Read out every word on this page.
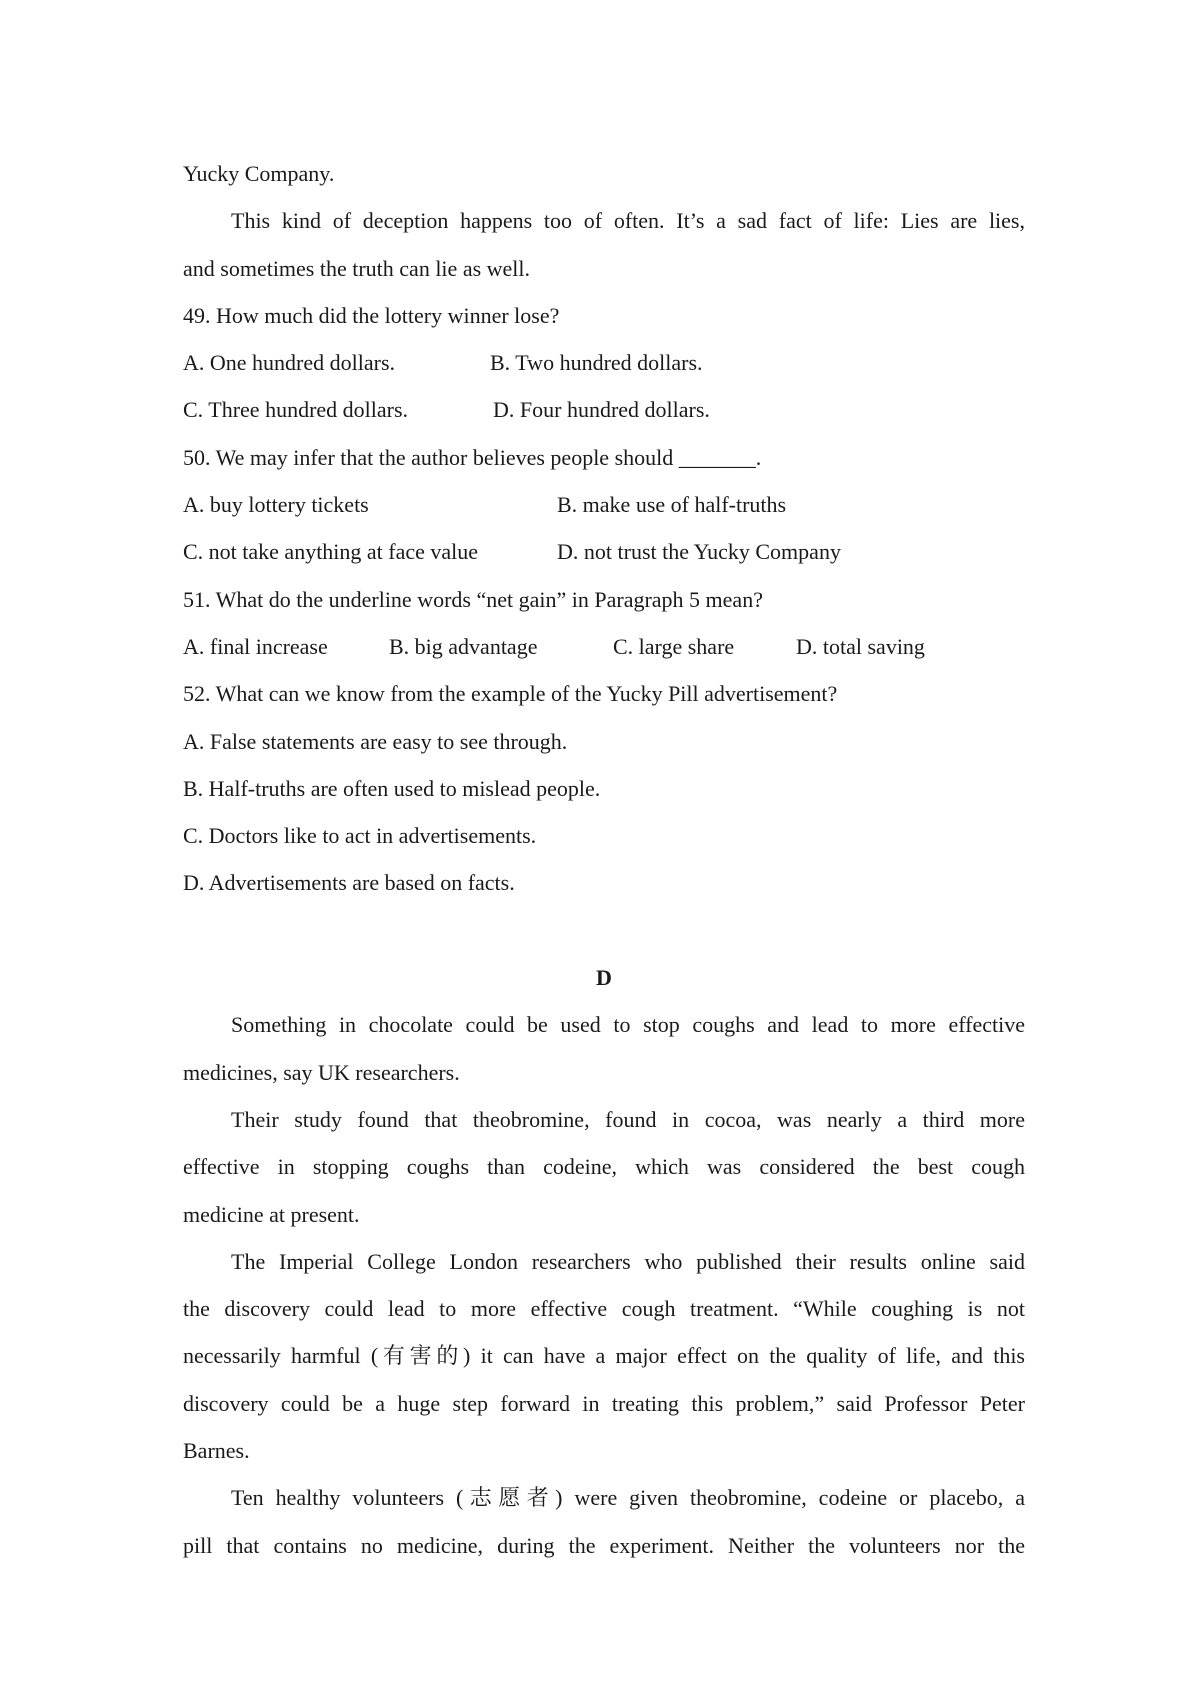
Yucky Company.
This kind of deception happens too of often. It’s a sad fact of life: Lies are lies,
and sometimes the truth can lie as well.
49. How much did the lottery winner lose?
A. One hundred dollars.	B. Two hundred dollars.
C. Three hundred dollars.	D. Four hundred dollars.
50. We may infer that the author believes people should _______.
A. buy lottery tickets	B. make use of half-truths
C. not take anything at face value	D. not trust the Yucky Company
51. What do the underline words “net gain” in Paragraph 5 mean?
A. final increase	B. big advantage	C. large share	D. total saving
52. What can we know from the example of the Yucky Pill advertisement?
A. False statements are easy to see through.
B. Half-truths are often used to mislead people.
C. Doctors like to act in advertisements.
D. Advertisements are based on facts.
D
Something in chocolate could be used to stop coughs and lead to more effective
medicines, say UK researchers.
Their study found that theobromine, found in cocoa, was nearly a third more
effective in stopping coughs than codeine, which was considered the best cough
medicine at present.
The Imperial College London researchers who published their results online said
the discovery could lead to more effective cough treatment. “While coughing is not
necessarily harmful (有害的) it can have a major effect on the quality of life, and this
discovery could be a huge step forward in treating this problem,” said Professor Peter
Barnes.
Ten healthy volunteers (志愿者) were given theobromine, codeine or placebo, a
pill that contains no medicine, during the experiment. Neither the volunteers nor the
